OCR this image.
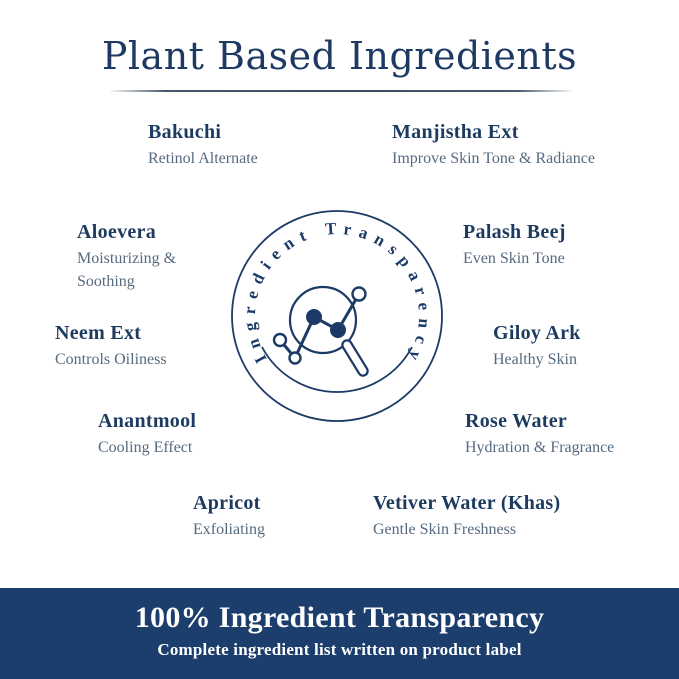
Plant Based Ingredients
Bakuchi
Retinol Alternate
Manjistha Ext
Improve Skin Tone & Radiance
Aloevera
Moisturizing & Soothing
Palash Beej
Even Skin Tone
Neem Ext
Controls Oiliness
Giloy Ark
Healthy Skin
Anantmool
Cooling Effect
Rose Water
Hydration & Fragrance
Apricot
Exfoliating
Vetiver Water (Khas)
Gentle Skin Freshness
Ingredient Transparency
100% Ingredient Transparency
Complete ingredient list written on product label
